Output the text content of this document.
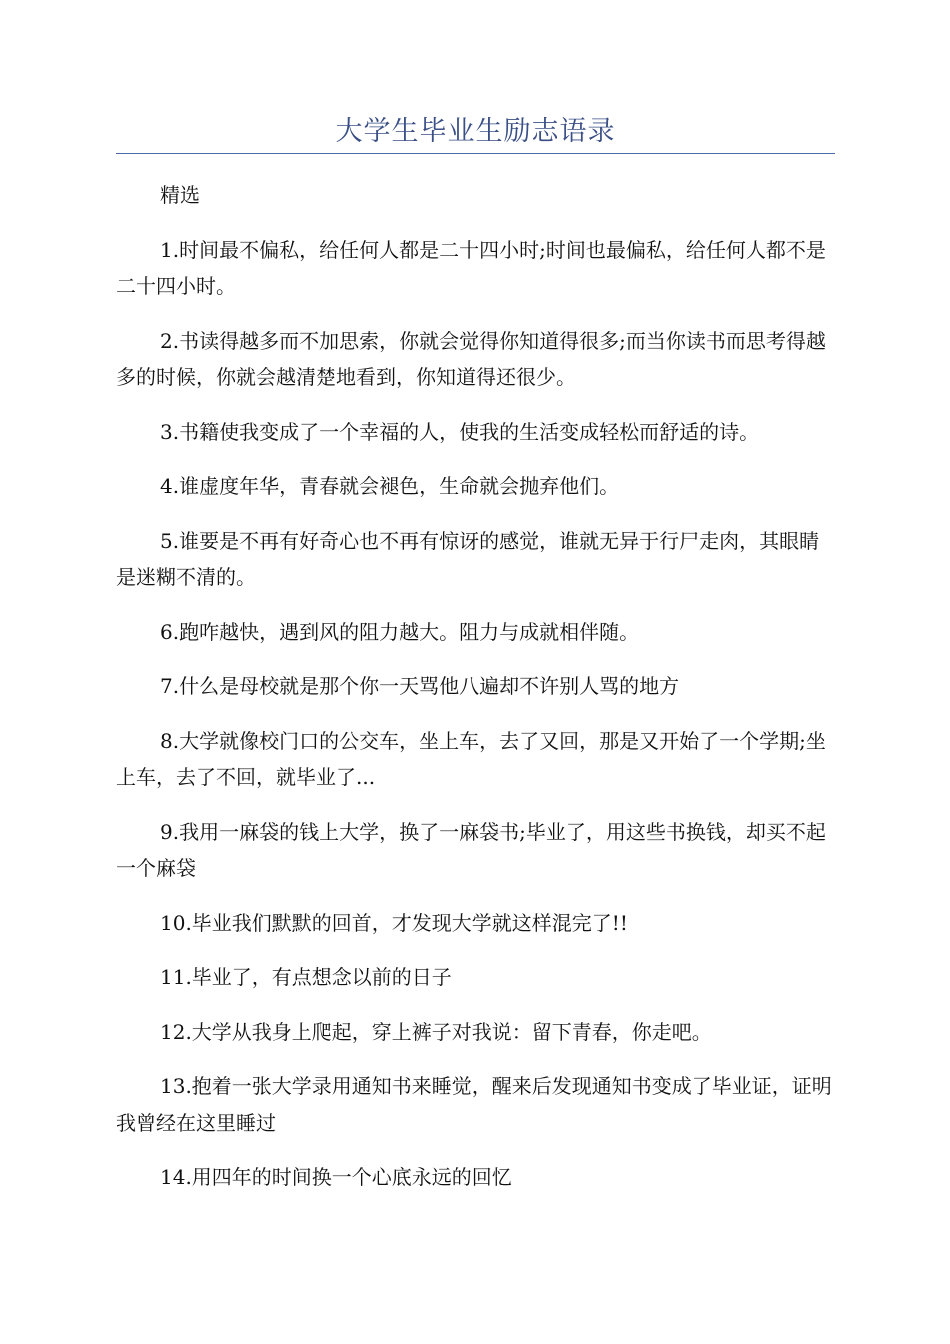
大学生毕业生励志语录

精选

1.时间最不偏私，给任何人都是二十四小时;时间也最偏私，给任何人都不是二十四小时。

2.书读得越多而不加思索，你就会觉得你知道得很多;而当你读书而思考得越多的时候，你就会越清楚地看到，你知道得还很少。

3.书籍使我变成了一个幸福的人，使我的生活变成轻松而舒适的诗。

4.谁虚度年华，青春就会褪色，生命就会抛弃他们。

5.谁要是不再有好奇心也不再有惊讶的感觉，谁就无异于行尸走肉，其眼睛是迷糊不清的。

6.跑咋越快，遇到风的阻力越大。阻力与成就相伴随。

7.什么是母校就是那个你一天骂他八遍却不许别人骂的地方

8.大学就像校门口的公交车，坐上车，去了又回，那是又开始了一个学期;坐上车，去了不回，就毕业了...

9.我用一麻袋的钱上大学，换了一麻袋书;毕业了，用这些书换钱，却买不起一个麻袋

10.毕业我们默默的回首，才发现大学就这样混完了!!

11.毕业了，有点想念以前的日子

12.大学从我身上爬起，穿上裤子对我说：留下青春，你走吧。

13.抱着一张大学录用通知书来睡觉，醒来后发现通知书变成了毕业证，证明我曾经在这里睡过

14.用四年的时间换一个心底永远的回忆
